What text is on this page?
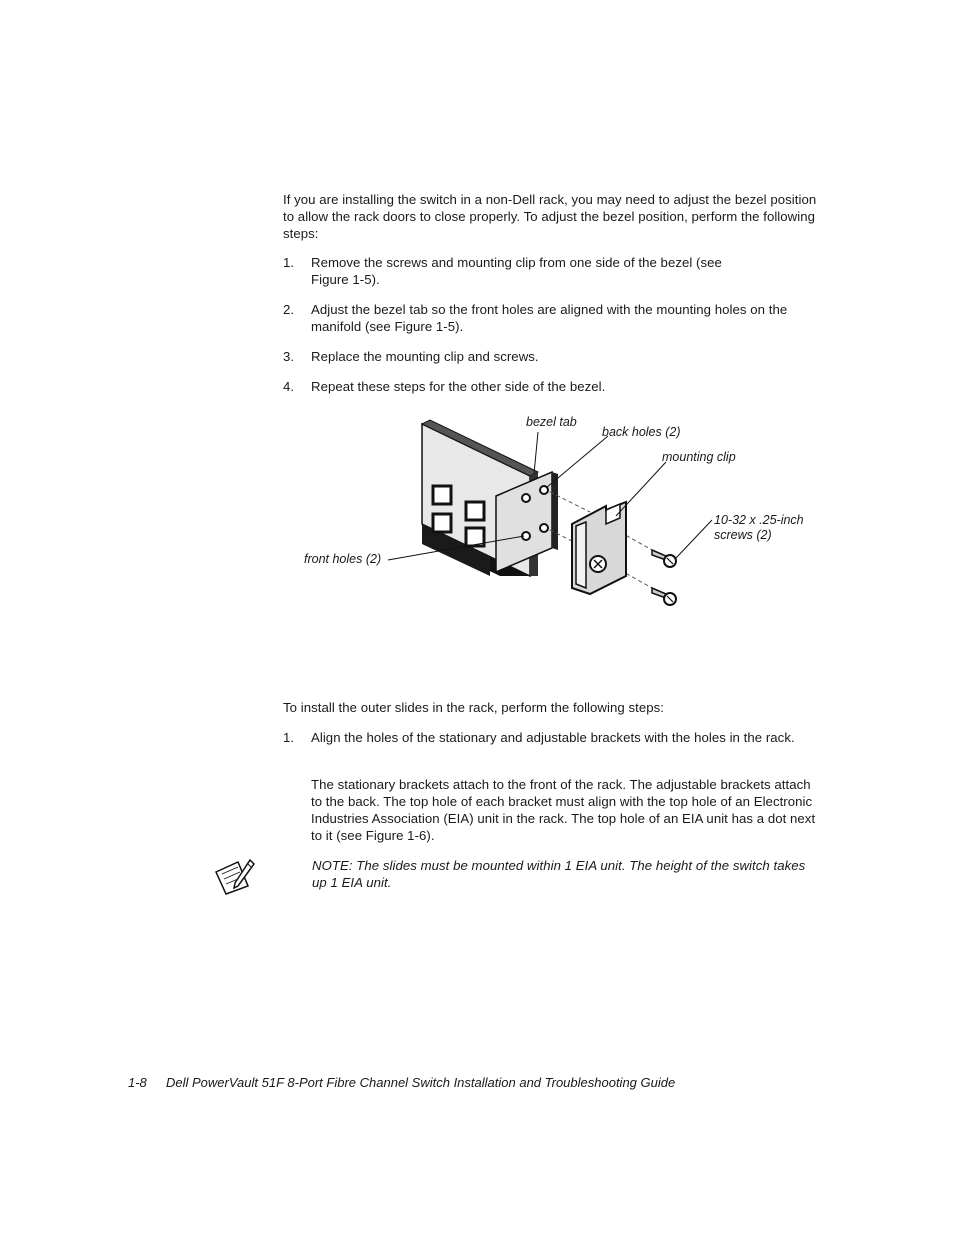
If you are installing the switch in a non-Dell rack, you may need to adjust the bezel position to allow the rack doors to close properly. To adjust the bezel position, perform the following steps:
1.	Remove the screws and mounting clip from one side of the bezel (see Figure 1-5).
2.	Adjust the bezel tab so the front holes are aligned with the mounting holes on the manifold (see Figure 1-5).
3.	Replace the mounting clip and screws.
4.	Repeat these steps for the other side of the bezel.
bezel tab
back holes (2)
mounting clip
10-32 x .25-inch
screws (2)
front holes (2)
To install the outer slides in the rack, perform the following steps:
1.	Align the holes of the stationary and adjustable brackets with the holes in the rack.
The stationary brackets attach to the front of the rack. The adjustable brackets attach to the back. The top hole of each bracket must align with the top hole of an Electronic Industries Association (EIA) unit in the rack. The top hole of an EIA unit has a dot next to it (see Figure 1-6).
NOTE: The slides must be mounted within 1 EIA unit. The height of the switch takes up 1 EIA unit.
1-8 Dell PowerVault 51F 8-Port Fibre Channel Switch Installation and Troubleshooting Guide
